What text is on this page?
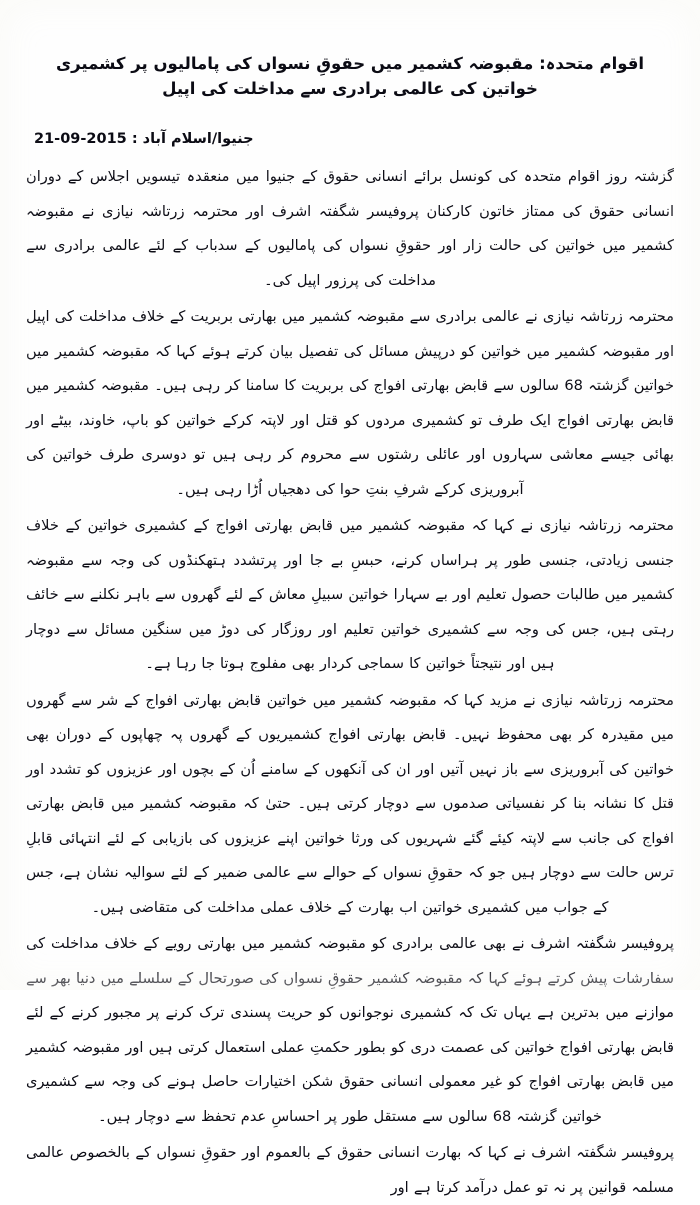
اقوام متحدہ: مقبوضہ کشمیر میں حقوقِ نسواں کی پامالیوں پر کشمیری خواتین کی عالمی برادری سے مداخلت کی اپیل
جنیوا/اسلام آباد : 21-09-2015

گزشتہ روز اقوام متحدہ کی کونسل برائے انسانی حقوق کے جنیوا میں منعقدہ تیسویں اجلاس کے دوران انسانی حقوق کی ممتاز خاتون کارکنان پروفیسر شگفتہ اشرف اور محترمہ زرتاشہ نیازی نے مقبوضہ کشمیر میں خواتین کی حالت زار اور حقوقِ نسواں کی پامالیوں کے سدباب کے لئے عالمی برادری سے مداخلت کی پرزور اپیل کی۔

محترمہ زرتاشہ نیازی نے عالمی برادری سے مقبوضہ کشمیر میں بھارتی بربریت کے خلاف مداخلت کی اپیل اور مقبوضہ کشمیر میں خواتین کو درپیش مسائل کی تفصیل بیان کرتے ہوئے کہا کہ مقبوضہ کشمیر میں خواتین گزشتہ 68 سالوں سے قابض بھارتی افواج کی بربریت کا سامنا کر رہی ہیں۔ مقبوضہ کشمیر میں قابض بھارتی افواج ایک طرف تو کشمیری مردوں کو قتل اور لاپتہ کرکے خواتین کو باپ، خاوند، بیٹے اور بھائی جیسے معاشی سہاروں اور عائلی رشتوں سے محروم کر رہی ہیں تو دوسری طرف خواتین کی آبروریزی کرکے شرفِ بنتِ حوا کی دھجیاں اُڑا رہی ہیں۔

محترمہ زرتاشہ نیازی نے کہا کہ مقبوضہ کشمیر میں قابض بھارتی افواج کے کشمیری خواتین کے خلاف جنسی زیادتی، جنسی طور پر ہراساں کرنے، حبسِ بے جا اور پرتشدد ہتھکنڈوں کی وجہ سے مقبوضہ کشمیر میں طالبات حصول تعلیم اور بے سہارا خواتین سبیلِ معاش کے لئے گھروں سے باہر نکلنے سے خائف رہتی ہیں، جس کی وجہ سے کشمیری خواتین تعلیم اور روزگار کی دوڑ میں سنگین مسائل سے دوچار ہیں اور نتیجتاً خواتین کا سماجی کردار بھی مفلوج ہوتا جا رہا ہے۔

محترمہ زرتاشہ نیازی نے مزید کہا کہ مقبوضہ کشمیر میں خواتین قابض بھارتی افواج کے شر سے گھروں میں مقیدرہ کر بھی محفوظ نہیں۔ قابض بھارتی افواج کشمیریوں کے گھروں پہ چھاپوں کے دوران بھی خواتین کی آبروریزی سے باز نہیں آتیں اور ان کی آنکھوں کے سامنے اُن کے بچوں اور عزیزوں کو تشدد اور قتل کا نشانہ بنا کر نفسیاتی صدموں سے دوچار کرتی ہیں۔ حتیٰ کہ مقبوضہ کشمیر میں قابض بھارتی افواج کی جانب سے لاپتہ کیئے گئے شہریوں کی ورثا خواتین اپنے عزیزوں کی بازیابی کے لئے انتہائی قابلِ ترس حالت سے دوچار ہیں جو کہ حقوقِ نسواں کے حوالے سے عالمی ضمیر کے لئے سوالیہ نشان ہے، جس کے جواب میں کشمیری خواتین اب بھارت کے خلاف عملی مداخلت کی متقاضی ہیں۔

پروفیسر شگفتہ اشرف نے بھی عالمی برادری کو مقبوضہ کشمیر میں بھارتی رویے کے خلاف مداخلت کی سفارشات پیش کرتے ہوئے کہا کہ مقبوضہ کشمیر حقوقِ نسواں کی صورتحال کے سلسلے میں دنیا بھر سے موازنے میں بدترین ہے یہاں تک کہ کشمیری نوجوانوں کو حریت پسندی ترک کرنے پر مجبور کرنے کے لئے قابض بھارتی افواج خواتین کی عصمت دری کو بطور حکمتِ عملی استعمال کرتی ہیں اور مقبوضہ کشمیر میں قابض بھارتی افواج کو غیر معمولی انسانی حقوق شکن اختیارات حاصل ہونے کی وجہ سے کشمیری خواتین گزشتہ 68 سالوں سے مستقل طور پر احساسِ عدم تحفظ سے دوچار ہیں۔

پروفیسر شگفتہ اشرف نے کہا کہ بھارت انسانی حقوق کے بالعموم اور حقوقِ نسواں کے بالخصوص عالمی مسلمہ قوانین پر نہ تو عمل درآمد کرتا ہے اور
